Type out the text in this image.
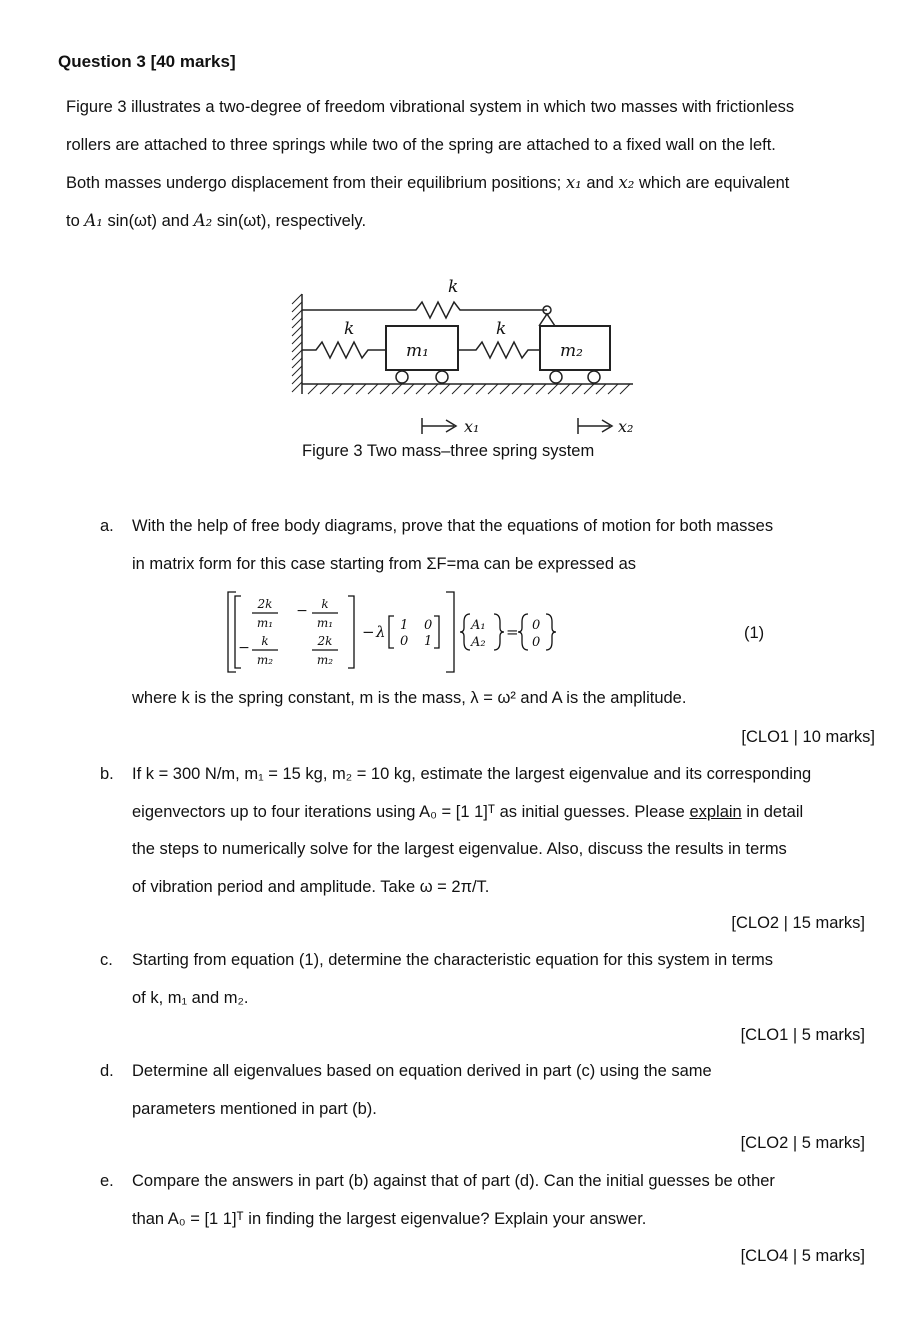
Question 3 [40 marks]

Figure 3 illustrates a two-degree of freedom vibrational system in which two masses with frictionless

rollers are attached to three springs while two of the spring are attached to a fixed wall on the left.

Both masses undergo displacement from their equilibrium positions; x₁ and x₂ which are equivalent

to A₁ sin(ωt) and A₂ sin(ωt), respectively.

k
k	k
m₁	m₂
x₁	x₂
Figure 3 Two mass–three spring system
a.	With the help of free body diagrams, prove that the equations of motion for both masses
in matrix form for this case starting from ΣF=ma can be expressed as
2k
m₁
− k
m₁
− k
m₂
2k
m₂
− λ 1 0
0 1
A₁
A₂
= 0
0
(1)
where k is the spring constant, m is the mass, λ = ω² and A is the amplitude.
[CLO1 | 10 marks]
b.	If k = 300 N/m, m₁ = 15 kg, m₂ = 10 kg, estimate the largest eigenvalue and its corresponding
eigenvectors up to four iterations using A₀ = [1 1]ᵀ as initial guesses. Please explain in detail
the steps to numerically solve for the largest eigenvalue. Also, discuss the results in terms
of vibration period and amplitude. Take ω = 2π/T.
[CLO2 | 15 marks]
c.	Starting from equation (1), determine the characteristic equation for this system in terms
of k, m₁ and m₂.
[CLO1 | 5 marks]
d.	Determine all eigenvalues based on equation derived in part (c) using the same
parameters mentioned in part (b).
[CLO2 | 5 marks]
e.	Compare the answers in part (b) against that of part (d). Can the initial guesses be other
than A₀ = [1 1]ᵀ in finding the largest eigenvalue? Explain your answer.
[CLO4 | 5 marks]
